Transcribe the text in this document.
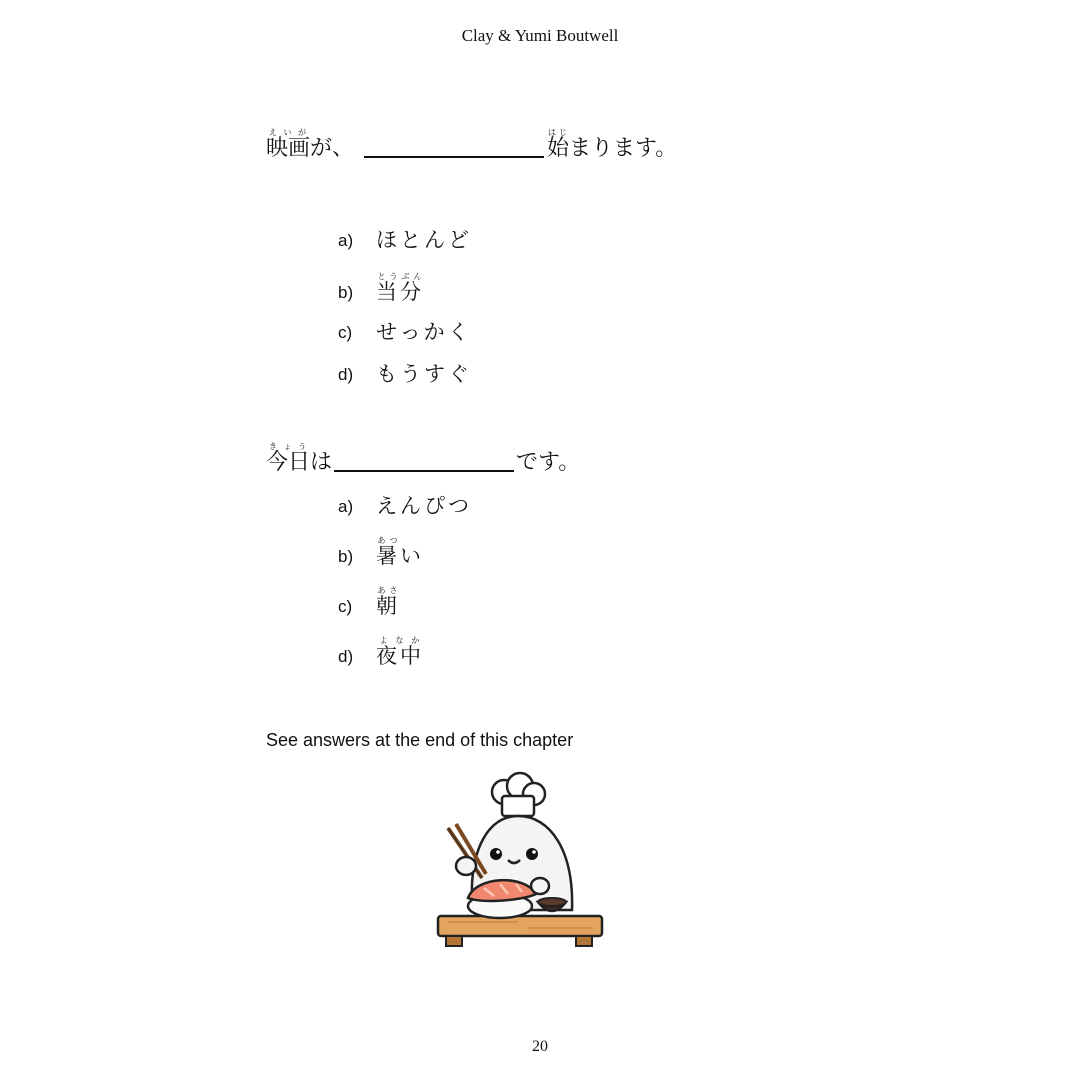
Clay & Yumi Boutwell
映画えいが
が、	始はじ
まります。
a)	ほとんど
b)	当分とうぶん
c)	せっかく
d)	もうすぐ
今日きょう
は	です。
a)	えんぴつ
b)	暑あつい
c)	朝あさ
d)	夜中よなか
See answers at the end of this chapter
20
